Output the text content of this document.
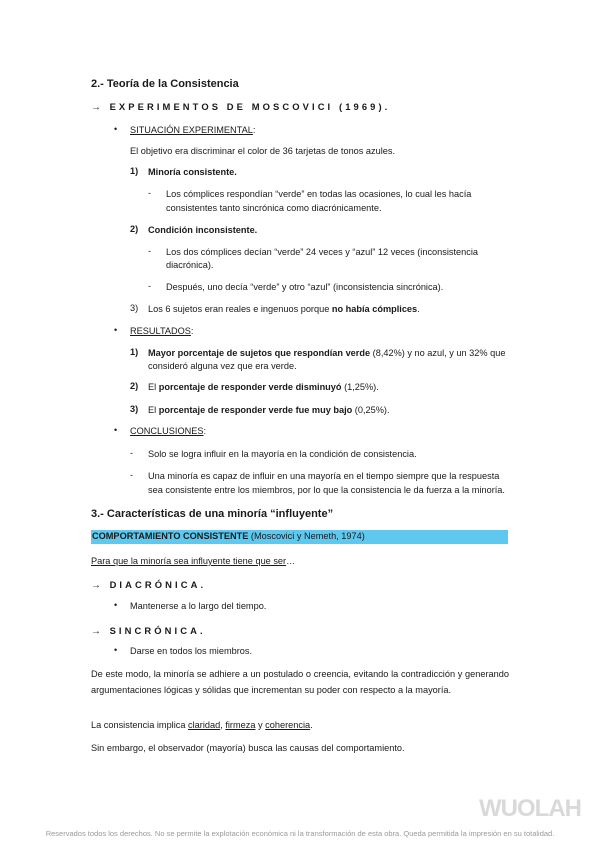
2.- Teoría de la Consistencia
→ EXPERIMENTOS DE MOSCOVICI (1969).
• SITUACIÓN EXPERIMENTAL:
El objetivo era discriminar el color de 36 tarjetas de tonos azules.
1) Minoría consistente.
- Los cómplices respondían “verde” en todas las ocasiones, lo cual les hacía
consistentes tanto sincrónica como diacrónicamente.
2) Condición inconsistente.
- Los dos cómplices decían “verde” 24 veces y “azul” 12 veces (inconsistencia
diacrónica).
- Después, uno decía “verde” y otro “azul” (inconsistencia sincrónica).
3) Los 6 sujetos eran reales e ingenuos porque no había cómplices.
• RESULTADOS:
1) Mayor porcentaje de sujetos que respondían verde (8,42%) y no azul, y un 32% que
consideró alguna vez que era verde.
2) El porcentaje de responder verde disminuyó (1,25%).
3) El porcentaje de responder verde fue muy bajo (0,25%).
• CONCLUSIONES:
- Solo se logra influir en la mayoría en la condición de consistencia.
- Una minoría es capaz de influir en una mayoría en el tiempo siempre que la respuesta
sea consistente entre los miembros, por lo que la consistencia le da fuerza a la minoría.
3.- Características de una minoría “influyente”
COMPORTAMIENTO CONSISTENTE (Moscovici y Nemeth, 1974)
Para que la minoría sea influyente tiene que ser…
→ DIACRÓNICA.
• Mantenerse a lo largo del tiempo.
→ SINCRÓNICA.
• Darse en todos los miembros.
De este modo, la minoría se adhiere a un postulado o creencia, evitando la contradicción y generando argumentaciones lógicas y sólidas que incrementan su poder con respecto a la mayoría.
La consistencia implica claridad, firmeza y coherencia.
Sin embargo, el observador (mayoría) busca las causas del comportamiento.
WUOLAH
Reservados todos los derechos. No se permite la explotación económica ni la transformación de esta obra. Queda permitida la impresión en su totalidad.
